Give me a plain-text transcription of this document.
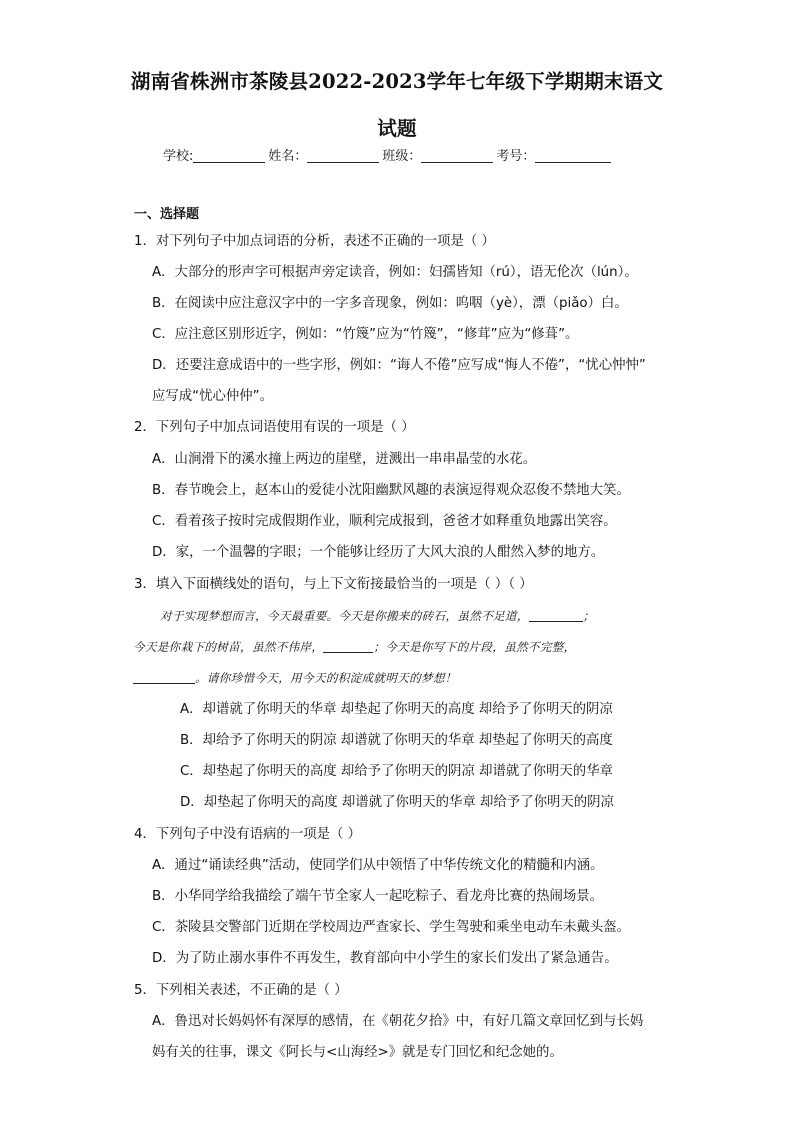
湖南省株洲市茶陵县2022-2023学年七年级下学期期末语文
试题
学校:	姓名：	班级：	考号：
一、选择题
1．对下列句子中加点词语的分析，表述不正确的一项是（ ）
A．大部分的形声字可根据声旁定读音，例如：妇孺皆知（rú），语无伦次（lún）。
B．在阅读中应注意汉字中的一字多音现象，例如：呜咽（yè），漂（piǎo）白。
C．应注意区别形近字，例如：“竹篾”应为“竹篾”，“修茸”应为“修葺”。
D．还要注意成语中的一些字形，例如：“诲人不倦”应写成“悔人不倦”，“忧心忡忡”
应写成“忧心仲仲”。
2．下列句子中加点词语使用有误的一项是（ ）
A．山涧滑下的溪水撞上两边的崖壁，迸溅出一串串晶莹的水花。
B．春节晚会上，赵本山的爱徒小沈阳幽默风趣的表演逗得观众忍俊不禁地大笑。
C．看着孩子按时完成假期作业，顺利完成报到，爸爸才如释重负地露出笑容。
D．家，一个温馨的字眼；一个能够让经历了大风大浪的人酣然入梦的地方。
3．填入下面横线处的语句，与上下文衔接最恰当的一项是（ ）（ ）
对于实现梦想而言，今天最重要。今天是你搬来的砖石，虽然不足道，	；
今天是你栽下的树苗，虽然不伟岸，	；今天是你写下的片段，虽然不完整，
。请你珍惜今天，用今天的积淀成就明天的梦想！
A．却谱就了你明天的华章 却垫起了你明天的高度 却给予了你明天的阴凉
B．却给予了你明天的阴凉 却谱就了你明天的华章 却垫起了你明天的高度
C．却垫起了你明天的高度 却给予了你明天的阴凉 却谱就了你明天的华章
D．却垫起了你明天的高度 却谱就了你明天的华章 却给予了你明天的阴凉
4．下列句子中没有语病的一项是（ ）
A．通过“诵读经典”活动，使同学们从中领悟了中华传统文化的精髓和内涵。
B．小华同学给我描绘了端午节全家人一起吃粽子、看龙舟比赛的热闹场景。
C．茶陵县交警部门近期在学校周边严查家长、学生驾驶和乘坐电动车未戴头盔。
D．为了防止溺水事件不再发生，教育部向中小学生的家长们发出了紧急通告。
5．下列相关表述，不正确的是（ ）
A．鲁迅对长妈妈怀有深厚的感情，在《朝花夕拾》中，有好几篇文章回忆到与长妈
妈有关的往事，课文《阿长与<山海经>》就是专门回忆和纪念她的。
